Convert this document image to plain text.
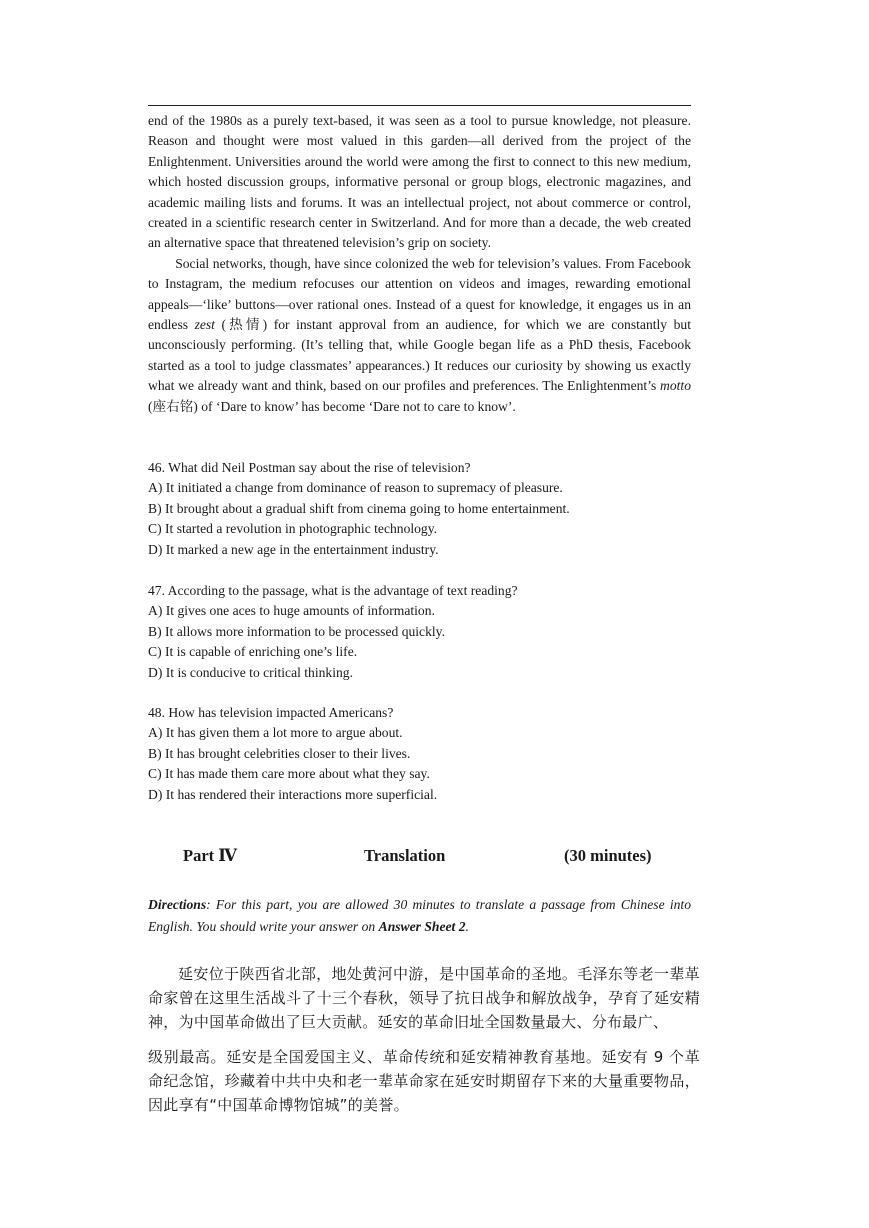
end of the 1980s as a purely text-based, it was seen as a tool to pursue knowledge, not pleasure. Reason and thought were most valued in this garden—all derived from the project of the Enlightenment. Universities around the world were among the first to connect to this new medium, which hosted discussion groups, informative personal or group blogs, electronic magazines, and academic mailing lists and forums. It was an intellectual project, not about commerce or control, created in a scientific research center in Switzerland. And for more than a decade, the web created an alternative space that threatened television’s grip on society.

Social networks, though, have since colonized the web for television’s values. From Facebook to Instagram, the medium refocuses our attention on videos and images, rewarding emotional appeals—‘like’ buttons—over rational ones. Instead of a quest for knowledge, it engages us in an endless zest (热情) for instant approval from an audience, for which we are constantly but unconsciously performing. (It’s telling that, while Google began life as a PhD thesis, Facebook started as a tool to judge classmates’ appearances.) It reduces our curiosity by showing us exactly what we already want and think, based on our profiles and preferences. The Enlightenment’s motto (座右铭) of ‘Dare to know’ has become ‘Dare not to care to know’.

46. What did Neil Postman say about the rise of television?
A) It initiated a change from dominance of reason to supremacy of pleasure.
B) It brought about a gradual shift from cinema going to home entertainment.
C) It started a revolution in photographic technology.
D) It marked a new age in the entertainment industry.
47. According to the passage, what is the advantage of text reading?
A) It gives one aces to huge amounts of information.
B) It allows more information to be processed quickly.
C) It is capable of enriching one’s life.
D) It is conducive to critical thinking.
48. How has television impacted Americans?
A) It has given them a lot more to argue about.
B) It has brought celebrities closer to their lives.
C) It has made them care more about what they say.
D) It has rendered their interactions more superficial.
Part Ⅳ	Translation	(30 minutes)
Directions: For this part, you are allowed 30 minutes to translate a passage from Chinese into English. You should write your answer on Answer Sheet 2.
延安位于陕西省北部，地处黄河中游，是中国革命的圣地。毛泽东等老一辈革命家曾在这里生活战斗了十三个春秋，领导了抗日战争和解放战争，孕育了延安精神，为中国革命做出了巨大贡献。延安的革命旧址全国数量最大、分布最广、
级别最高。延安是全国爱国主义、革命传统和延安精神教育基地。延安有 9 个革命纪念馆，珍藏着中共中央和老一辈革命家在延安时期留存下来的大量重要物品，因此享有“中国革命博物馆城”的美誉。
